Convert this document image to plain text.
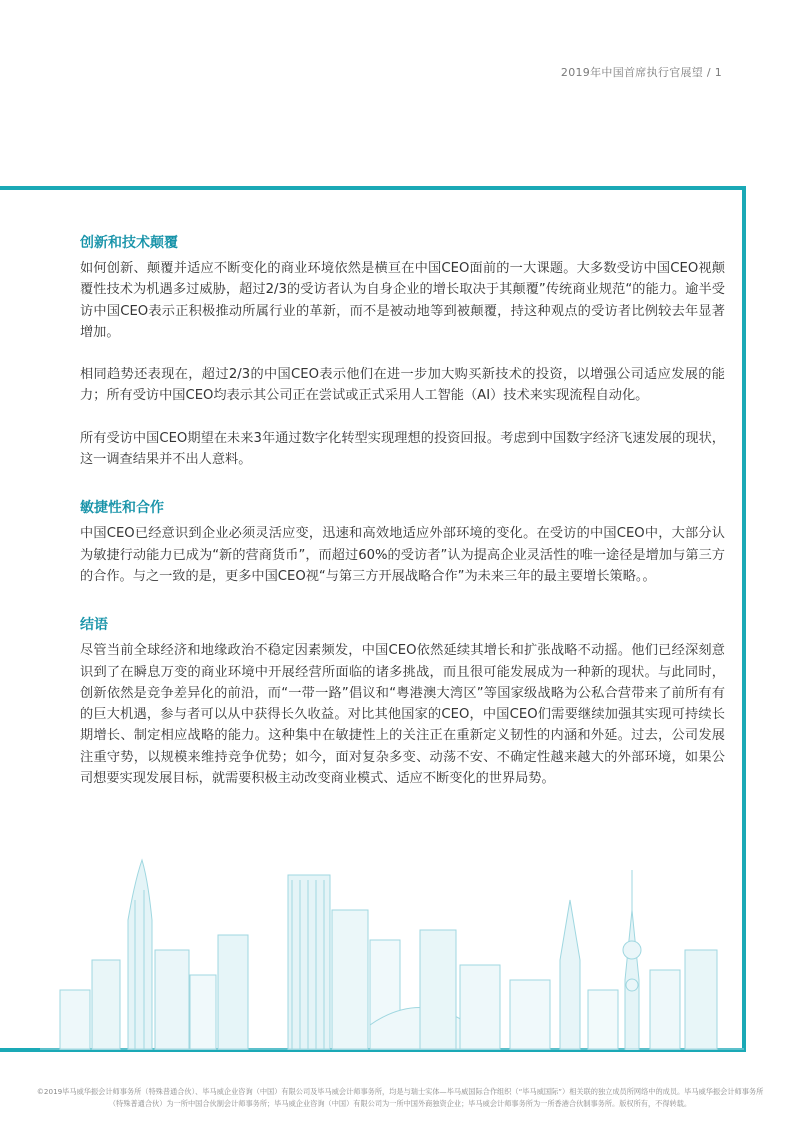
2019年中国首席执行官展望 / 1
创新和技术颠覆

如何创新、颠覆并适应不断变化的商业环境依然是横亘在中国CEO面前的一大课题。大多数受访中国CEO视颠覆性技术为机遇多过威胁，超过2/3的受访者认为自身企业的增长取决于其颠覆”传统商业规范“的能力。逾半受访中国CEO表示正积极推动所属行业的革新，而不是被动地等到被颠覆，持这种观点的受访者比例较去年显著增加。

相同趋势还表现在，超过2/3的中国CEO表示他们在进一步加大购买新技术的投资，以增强公司适应发展的能力；所有受访中国CEO均表示其公司正在尝试或正式采用人工智能（AI）技术来实现流程自动化。

所有受访中国CEO期望在未来3年通过数字化转型实现理想的投资回报。考虑到中国数字经济飞速发展的现状，这一调查结果并不出人意料。

敏捷性和合作

中国CEO已经意识到企业必须灵活应变，迅速和高效地适应外部环境的变化。在受访的中国CEO中，大部分认为敏捷行动能力已成为“新的营商货币”，而超过60%的受访者”认为提高企业灵活性的唯一途径是增加与第三方的合作。与之一致的是，更多中国CEO视“与第三方开展战略合作”为未来三年的最主要增长策略。。

结语

尽管当前全球经济和地缘政治不稳定因素频发，中国CEO依然延续其增长和扩张战略不动摇。他们已经深刻意识到了在瞬息万变的商业环境中开展经营所面临的诸多挑战，而且很可能发展成为一种新的现状。与此同时，创新依然是竞争差异化的前沿，而“一带一路”倡议和“粤港澳大湾区”等国家级战略为公私合营带来了前所有有的巨大机遇，参与者可以从中获得长久收益。对比其他国家的CEO，中国CEO们需要继续加强其实现可持续长期增长、制定相应战略的能力。这种集中在敏捷性上的关注正在重新定义韧性的内涵和外延。过去，公司发展注重守势，以规模来维持竞争优势；如今，面对复杂多变、动荡不安、不确定性越来越大的外部环境，如果公司想要实现发展目标，就需要积极主动改变商业模式、适应不断变化的世界局势。

©2019毕马威华振会计师事务所（特殊普通合伙）、毕马威企业咨询（中国）有限公司及毕马威会计师事务所，均是与瑞士实体—毕马威国际合作组织（“毕马威国际”）相关联的独立成员所网络中的成员。毕马威华振会计师事务所
（特殊普通合伙）为一所中国合伙制会计师事务所；毕马威企业咨询（中国）有限公司为一所中国外商独资企业；毕马威会计师事务所为一所香港合伙制事务所。版权所有，不得转载。
